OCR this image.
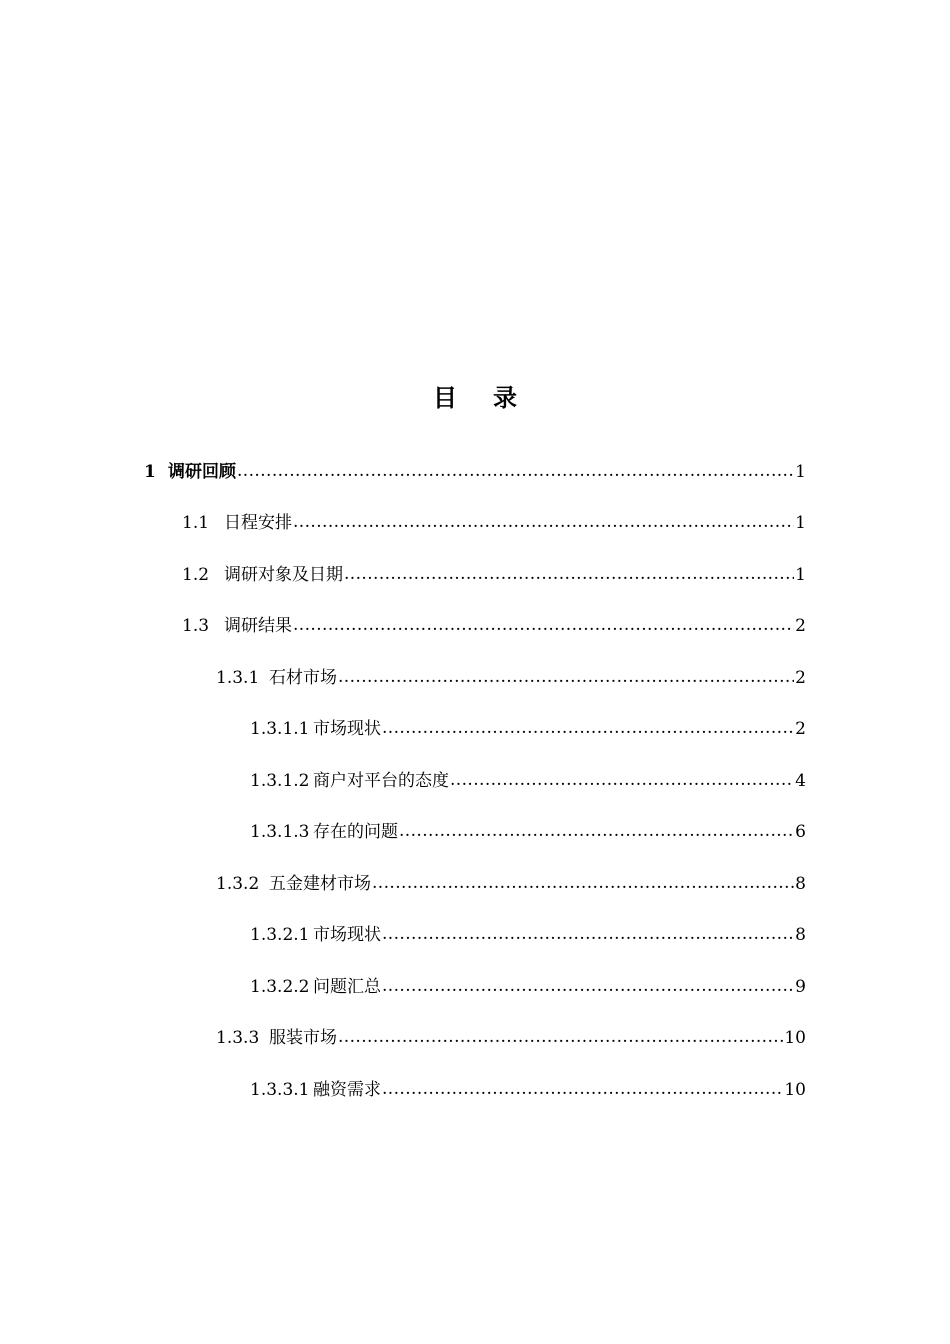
目 录
1 调研回顾 .....	1
1.1 日程安排 .....	1
1.2 调研对象及日期 .....	1
1.3 调研结果 .....	2
1.3.1 石材市场 .....	2
1.3.1.1 市场现状 .....	2
1.3.1.2 商户对平台的态度 .....	4
1.3.1.3 存在的问题 .....	6
1.3.2 五金建材市场 .....	8
1.3.2.1 市场现状 .....	8
1.3.2.2 问题汇总 .....	9
1.3.3 服装市场 .....	10
1.3.3.1 融资需求 .....	10
